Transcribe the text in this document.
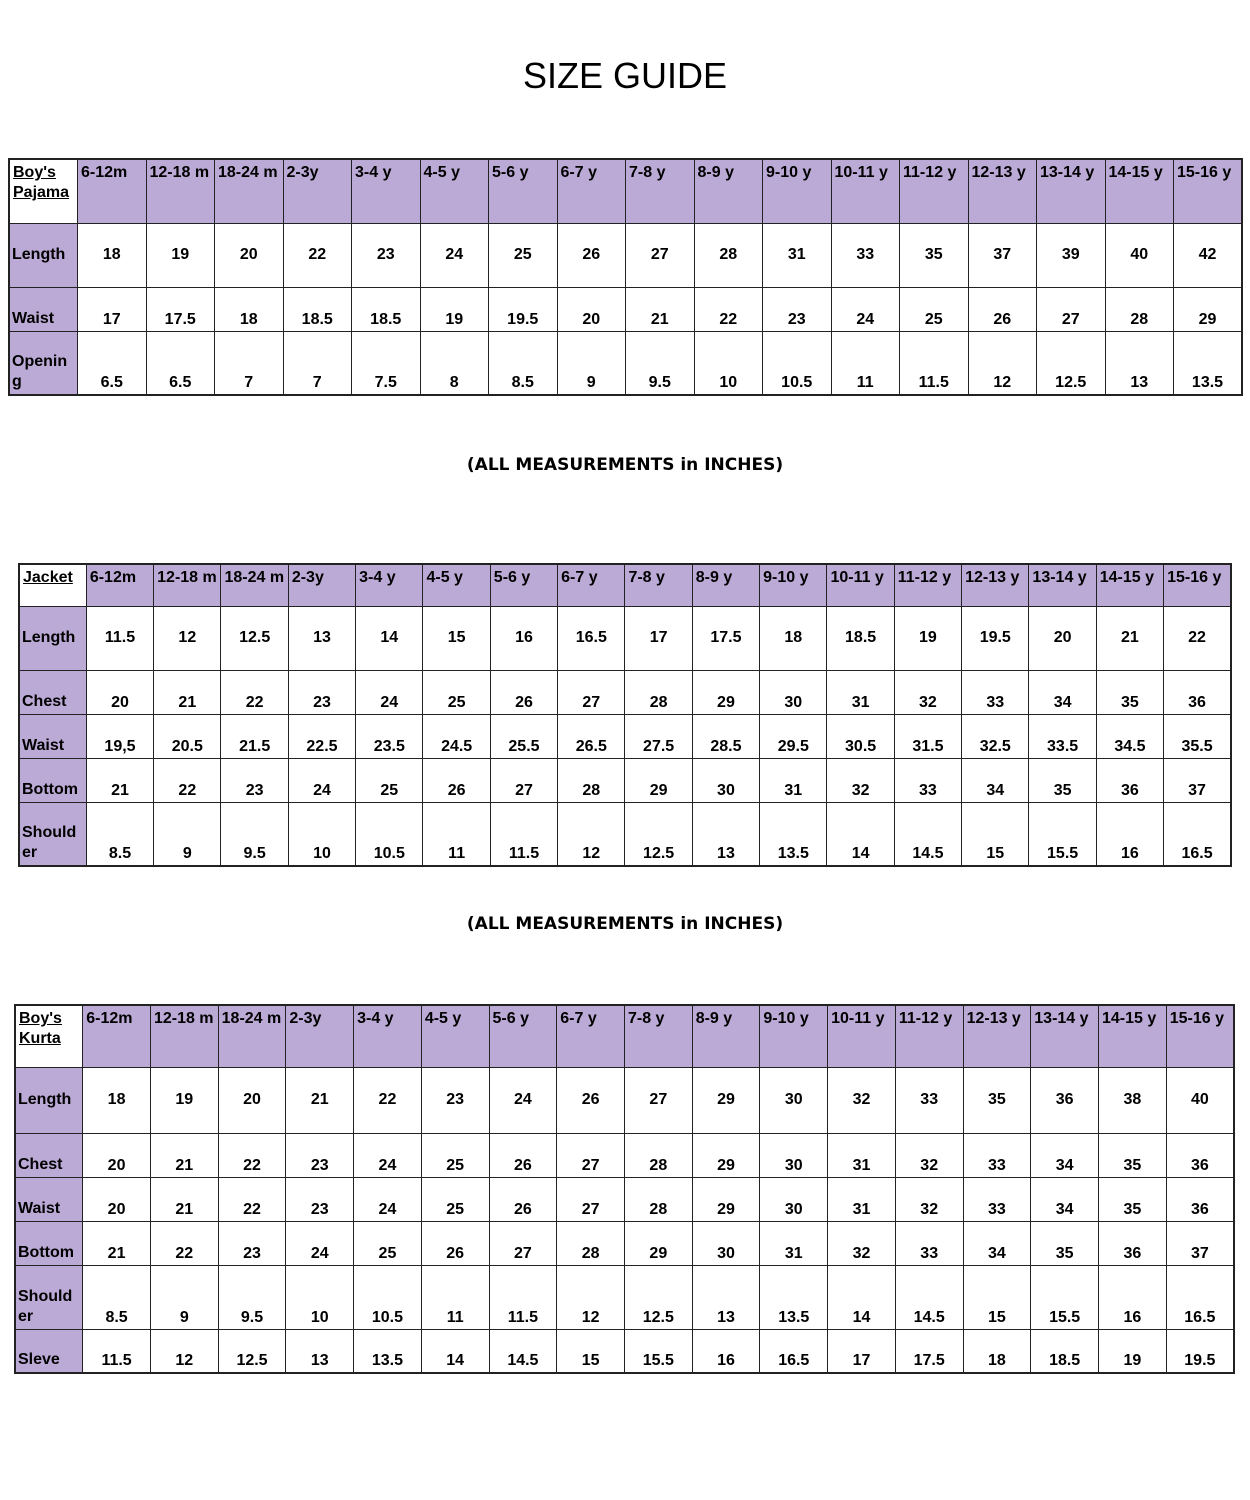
SIZE GUIDE
Boy's Pajama	6-12m	12-18 m	18-24 m	2-3y	3-4 y	4-5 y	5-6 y	6-7 y	7-8 y	8-9 y	9-10 y	10-11 y	11-12 y	12-13 y	13-14 y	14-15 y	15-16 y
Length	18	19	20	22	23	24	25	26	27	28	31	33	35	37	39	40	42
Waist	17	17.5	18	18.5	18.5	19	19.5	20	21	22	23	24	25	26	27	28	29
Opening	6.5	6.5	7	7	7.5	8	8.5	9	9.5	10	10.5	11	11.5	12	12.5	13	13.5
(ALL MEASUREMENTS in INCHES)
Jacket	6-12m	12-18 m	18-24 m	2-3y	3-4 y	4-5 y	5-6 y	6-7 y	7-8 y	8-9 y	9-10 y	10-11 y	11-12 y	12-13 y	13-14 y	14-15 y	15-16 y
Length	11.5	12	12.5	13	14	15	16	16.5	17	17.5	18	18.5	19	19.5	20	21	22
Chest	20	21	22	23	24	25	26	27	28	29	30	31	32	33	34	35	36
Waist	19,5	20.5	21.5	22.5	23.5	24.5	25.5	26.5	27.5	28.5	29.5	30.5	31.5	32.5	33.5	34.5	35.5
Bottom	21	22	23	24	25	26	27	28	29	30	31	32	33	34	35	36	37
Shoulder	8.5	9	9.5	10	10.5	11	11.5	12	12.5	13	13.5	14	14.5	15	15.5	16	16.5
(ALL MEASUREMENTS in INCHES)
Boy's Kurta	6-12m	12-18 m	18-24 m	2-3y	3-4 y	4-5 y	5-6 y	6-7 y	7-8 y	8-9 y	9-10 y	10-11 y	11-12 y	12-13 y	13-14 y	14-15 y	15-16 y
Length	18	19	20	21	22	23	24	26	27	29	30	32	33	35	36	38	40
Chest	20	21	22	23	24	25	26	27	28	29	30	31	32	33	34	35	36
Waist	20	21	22	23	24	25	26	27	28	29	30	31	32	33	34	35	36
Bottom	21	22	23	24	25	26	27	28	29	30	31	32	33	34	35	36	37
Shoulder	8.5	9	9.5	10	10.5	11	11.5	12	12.5	13	13.5	14	14.5	15	15.5	16	16.5
Sleve	11.5	12	12.5	13	13.5	14	14.5	15	15.5	16	16.5	17	17.5	18	18.5	19	19.5
